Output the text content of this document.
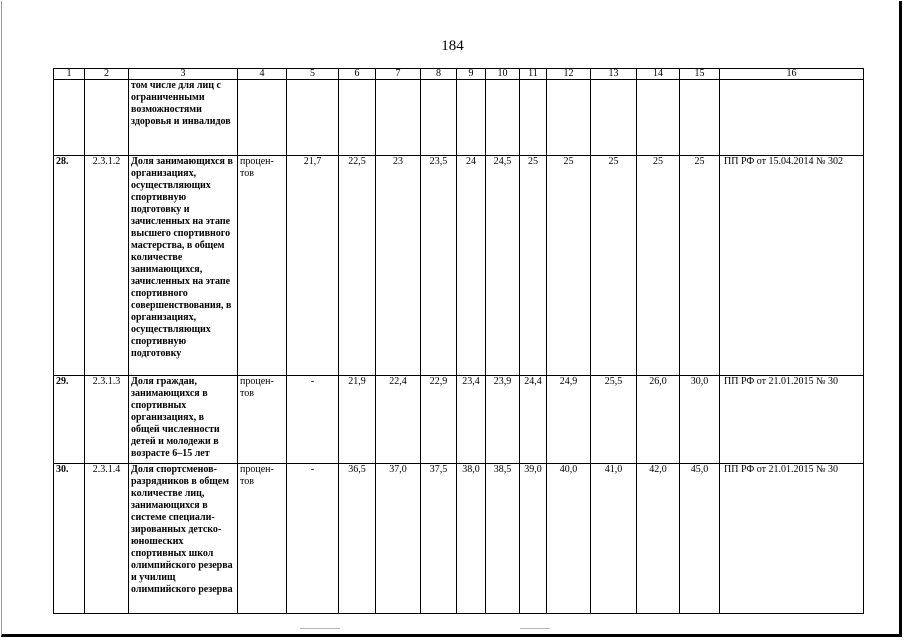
184
1	2	3	4	5	6	7	8	9	10	11	12	13	14	15	16
		том числе для лиц с ограниченными возможностями здоровья и инвалидов													
28.	2.3.1.2	Доля занимающихся в организациях, осуществляющих спортивную подготовку и зачисленных на этапе высшего спортивного мастерства, в общем количестве занимающихся, зачисленных на этапе спортивного совершенствования, в организациях, осуществляющих спортивную подготовку	процен- тов	21,7	22,5	23	23,5	24	24,5	25	25	25	25	25	ПП РФ от 15.04.2014 № 302
29.	2.3.1.3	Доля граждан, занимающихся в спортивных организациях, в общей численности детей и молодежи в возрасте 6–15 лет	процен- тов	-	21,9	22,4	22,9	23,4	23,9	24,4	24,9	25,5	26,0	30,0	ПП РФ от 21.01.2015 № 30
30.	2.3.1.4	Доля спортсменов-разрядников в общем количестве лиц, занимающихся в системе специали-зированных детско-юношеских спортивных школ олимпийского резерва и училищ олимпийского резерва	процен- тов	-	36,5	37,0	37,5	38,0	38,5	39,0	40,0	41,0	42,0	45,0	ПП РФ от 21.01.2015 № 30
